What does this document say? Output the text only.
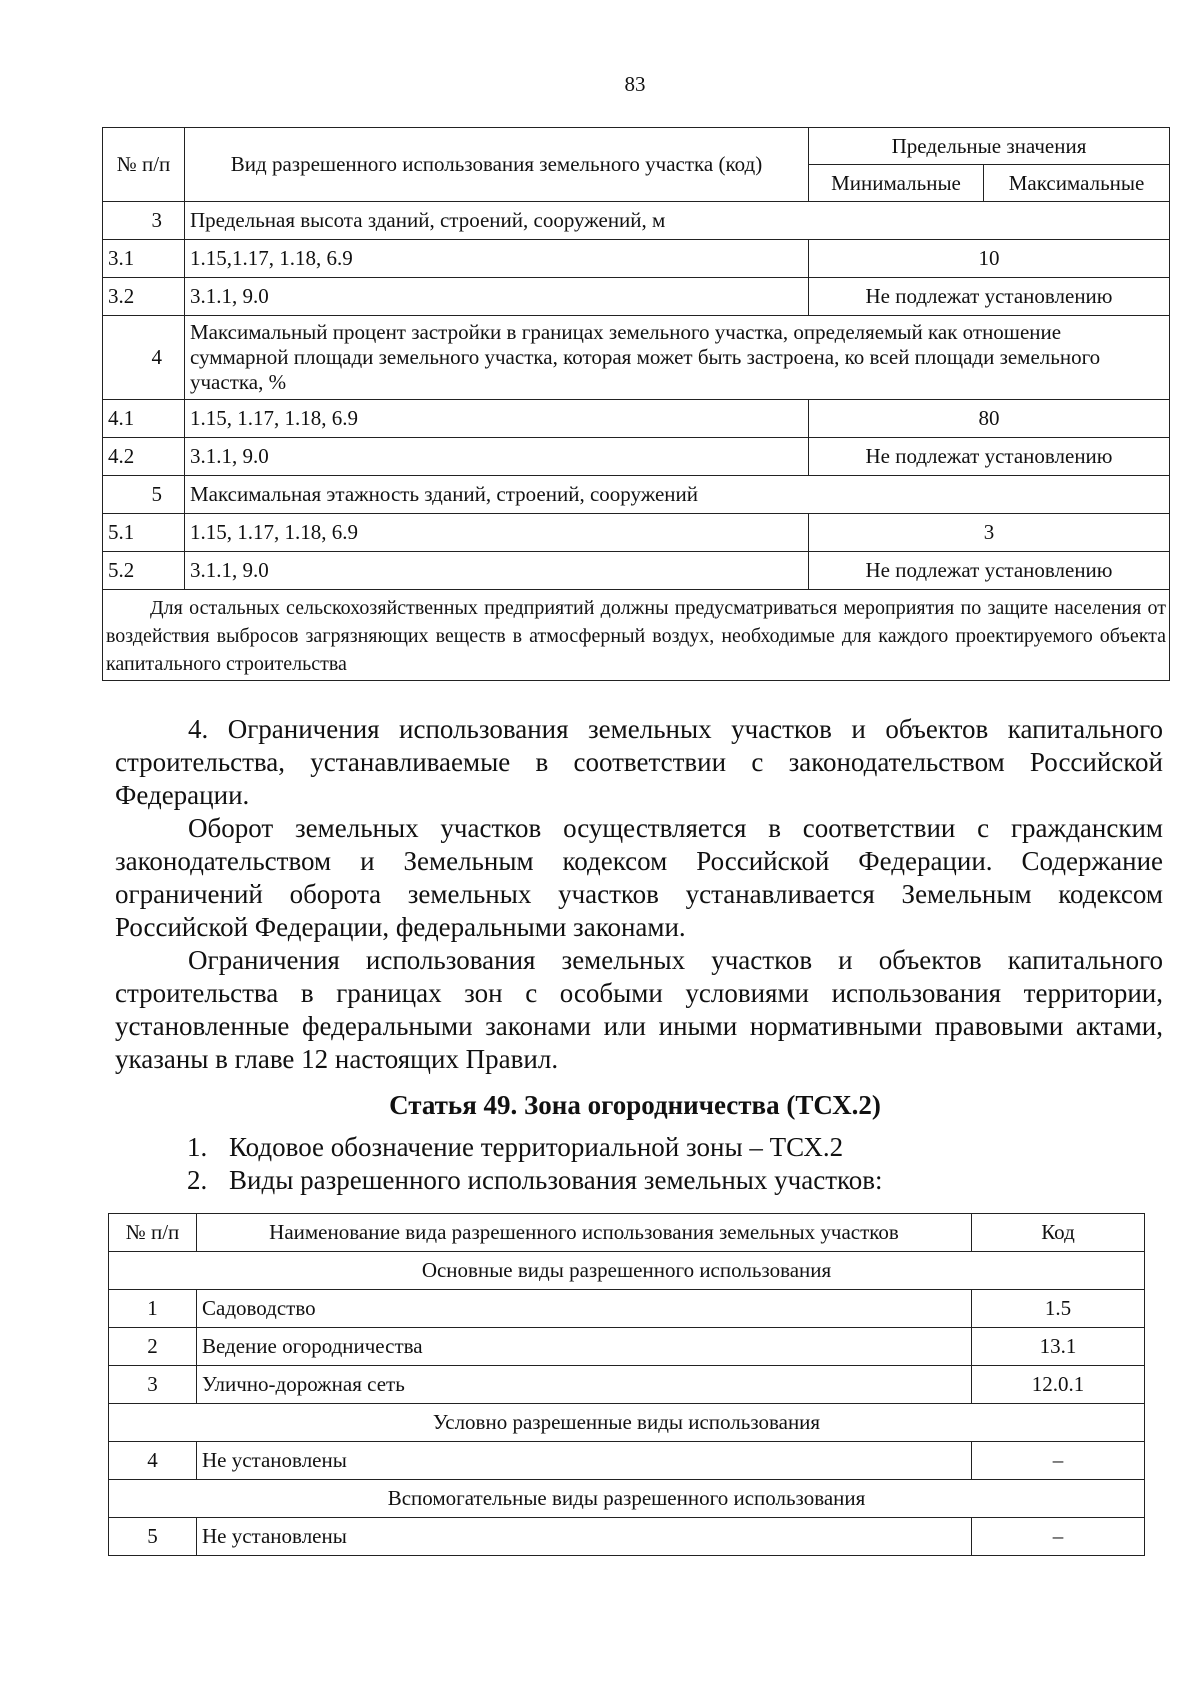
83
№ п/п	Вид разрешенного использования земельного участка (код)	Предельные значения	
		Минимальные	Максимальные
3	Предельная высота зданий, строений, сооружений, м		
3.1	1.15,1.17, 1.18, 6.9	10	
3.2	3.1.1, 9.0	Не подлежат установлению	
4	Максимальный процент застройки в границах земельного участка, определяемый как отношение суммарной площади земельного участка, которая может быть застроена, ко всей площади земельного участка, %		
4.1	1.15, 1.17, 1.18, 6.9	80	
4.2	3.1.1, 9.0	Не подлежат установлению	
5	Максимальная этажность зданий, строений, сооружений		
5.1	1.15, 1.17, 1.18, 6.9	3	
5.2	3.1.1, 9.0	Не подлежат установлению	

Для остальных сельскохозяйственных предприятий должны предусматриваться мероприятия по защите населения от воздействия выбросов загрязняющих веществ в атмосферный воздух, необходимые для каждого проектируемого объекта капитального строительства			

4. Ограничения использования земельных участков и объектов капитального строительства, устанавливаемые в соответствии с законодательством Российской Федерации.

Оборот земельных участков осуществляется в соответствии с гражданским законодательством и Земельным кодексом Российской Федерации. Содержание ограничений оборота земельных участков устанавливается Земельным кодексом Российской Федерации, федеральными законами.

Ограничения использования земельных участков и объектов капитального строительства в границах зон с особыми условиями использования территории, установленные федеральными законами или иными нормативными правовыми актами, указаны в главе 12 настоящих Правил.

Статья 49. Зона огородничества (ТСХ.2)
1. Кодовое обозначение территориальной зоны – ТСХ.2
2. Виды разрешенного использования земельных участков:
№ п/п	Наименование вида разрешенного использования земельных участков	Код
Основные виды разрешенного использования		
1	Садоводство	1.5
2	Ведение огородничества	13.1
3	Улично-дорожная сеть	12.0.1
Условно разрешенные виды использования		
4	Не установлены	–
Вспомогательные виды разрешенного использования		
5	Не установлены	–
